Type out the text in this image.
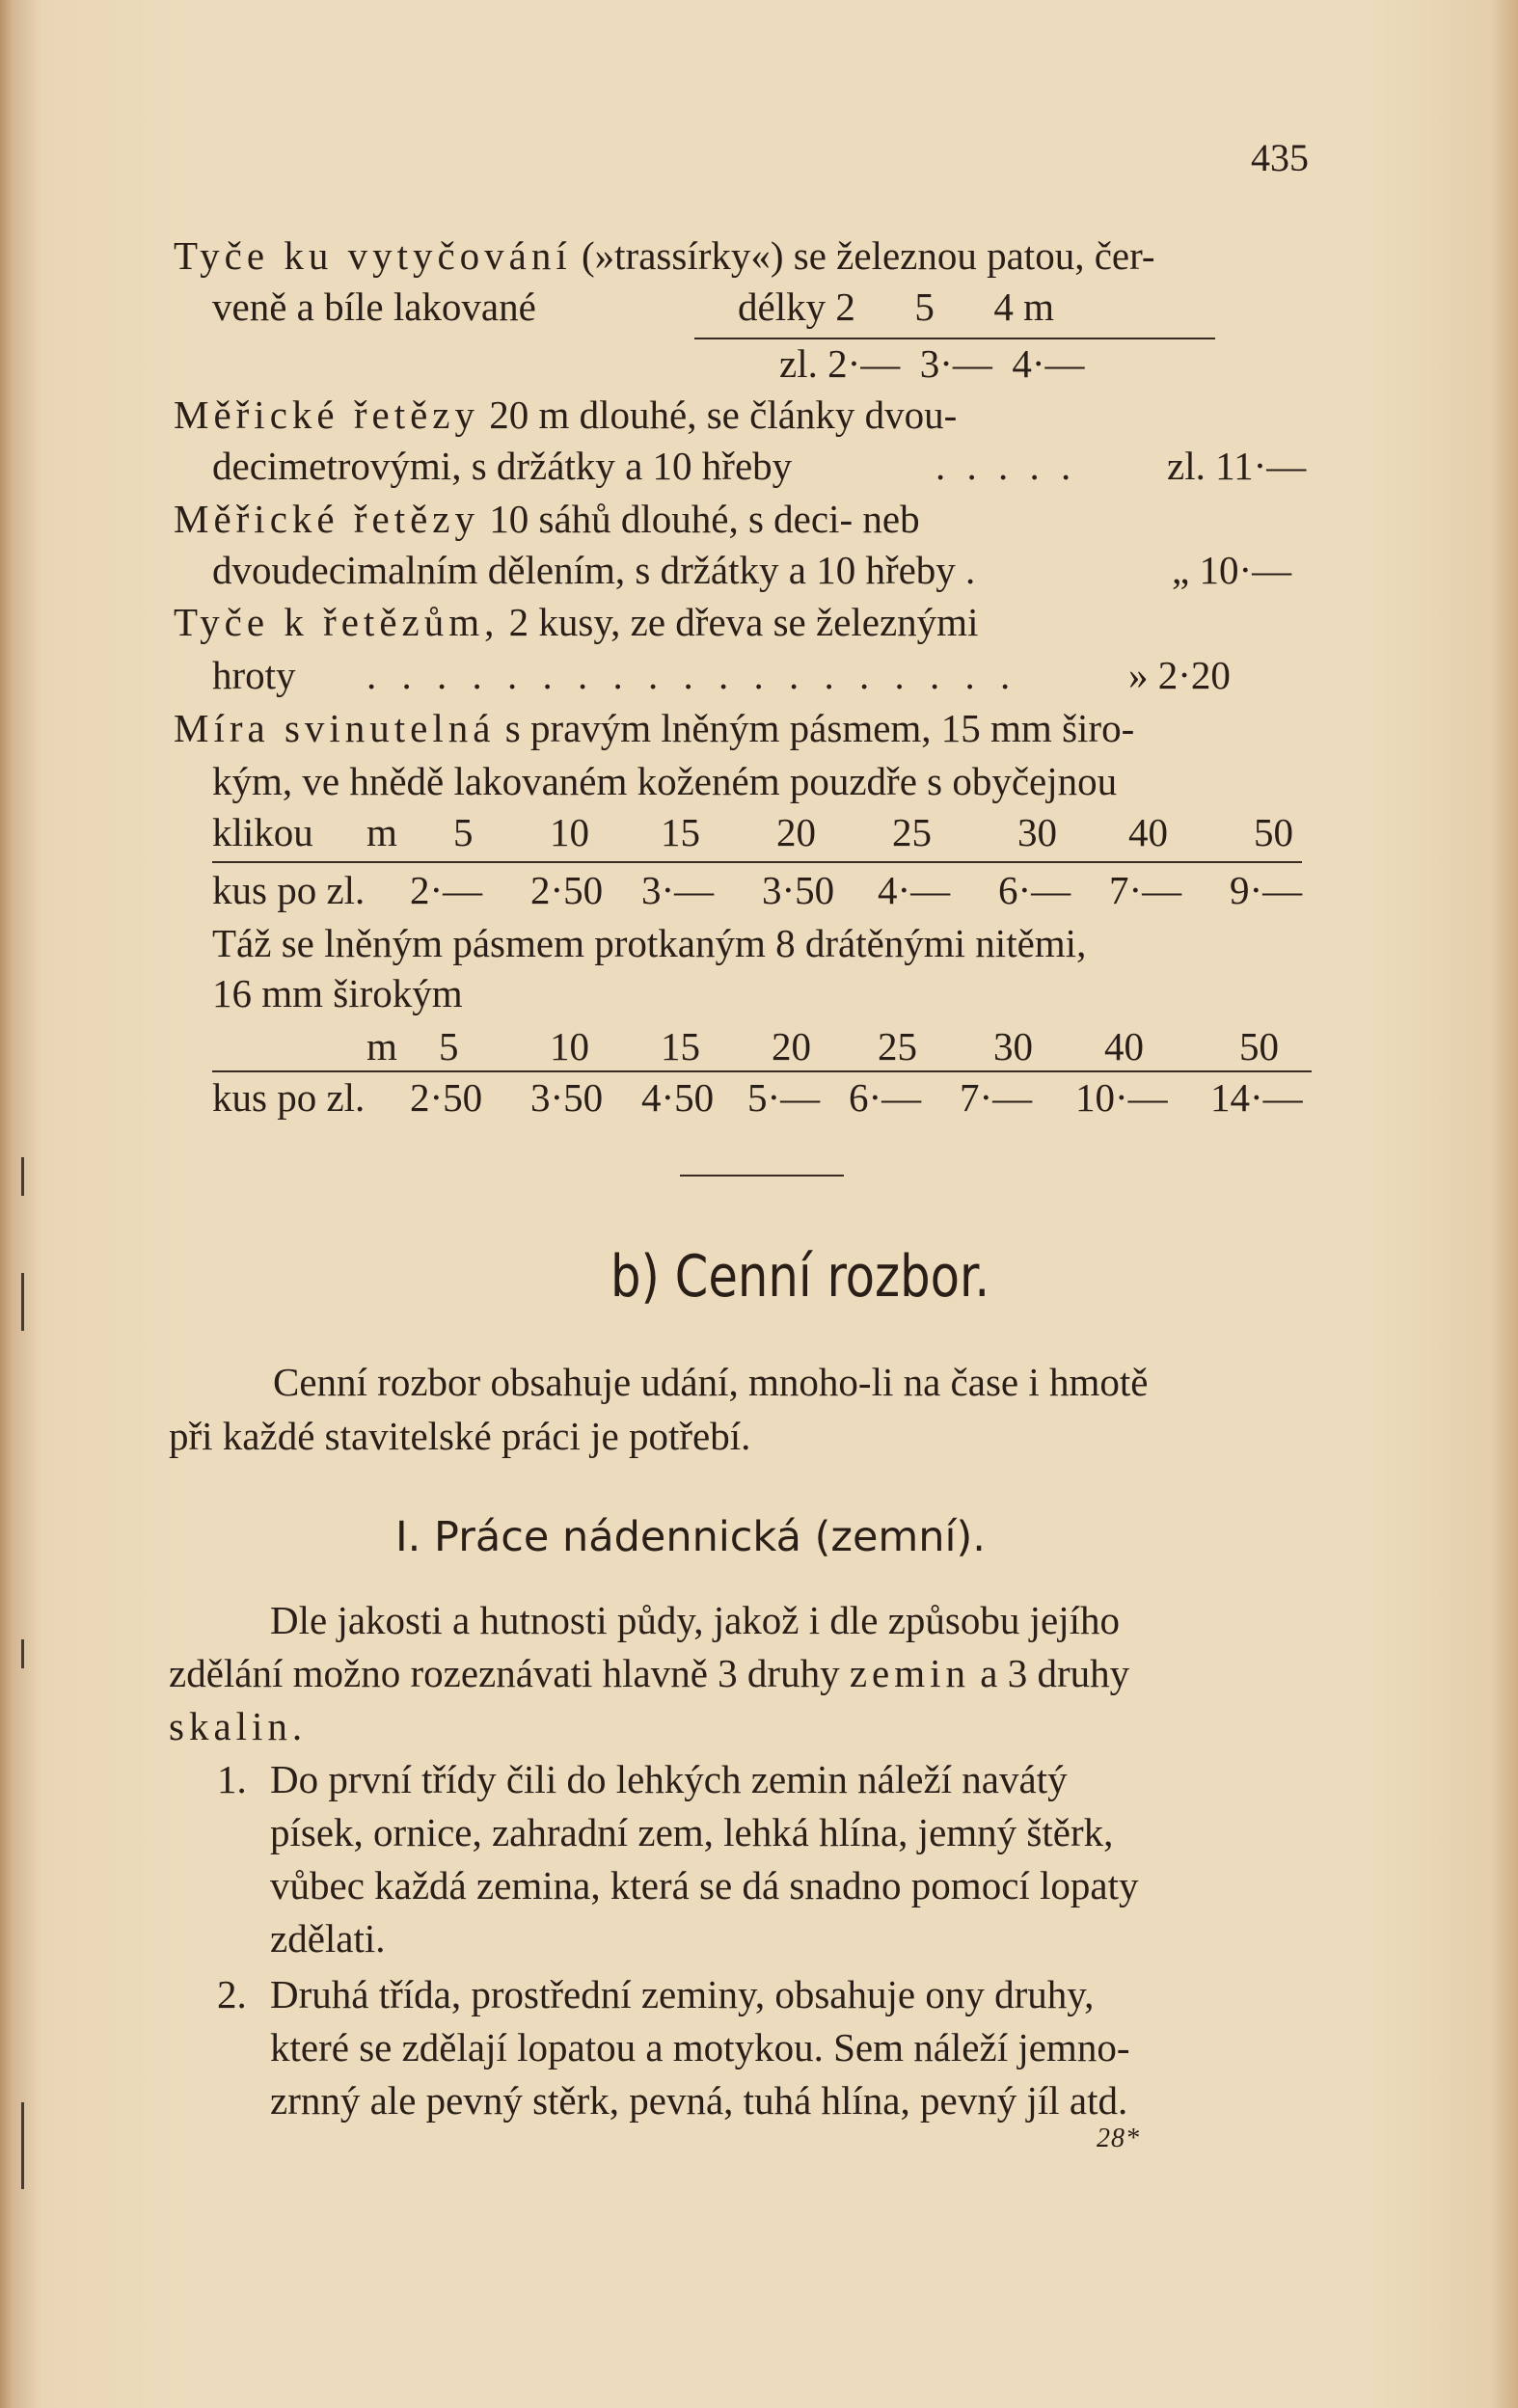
435
Tyče ku vytyčování (»trassírky«) se železnou patou, čer-
veně a bíle lakované	délky 2      5      4 m
zl. 2·—  3·—  4·—
Měřické řetězy 20 m dlouhé, se články dvou-
decimetrovými, s držátky a 10 hřeby	. . . . . zl. 11·—
Měřické řetězy 10 sáhů dlouhé, s deci- neb
dvoudecimalním dělením, s držátky a 10 hřeby .	„ 10·—
Tyče k řetězům, 2 kusy, ze dřeva se železnými
hroty . . . . . . . . . . . . . . . . . . .	» 2·20
Míra svinutelná s pravým lněným pásmem, 15 mm širo-
kým, ve hnědě lakovaném koženém pouzdře s obyčejnou
klikou m 5 10 15 20 25 30 40 50
kus po zl. 2·— 2·50 3·— 3·50 4·— 6·— 7·— 9·—
Táž se lněným pásmem protkaným 8 drátěnými nitěmi,
16 mm širokým
m 5 10 15 20 25 30 40 50
kus po zl. 2·50 3·50 4·50 5·— 6·— 7·— 10·— 14·—
b) Cenní rozbor.
Cenní rozbor obsahuje udání, mnoho-li na čase i hmotě
při každé stavitelské práci je potřebí.
I. Práce nádennická (zemní).
Dle jakosti a hutnosti půdy, jakož i dle způsobu jejího
zdělání možno rozeznávati hlavně 3 druhy zemin a 3 druhy
skalin.
1. Do první třídy čili do lehkých zemin náleží navátý
písek, ornice, zahradní zem, lehká hlína, jemný štěrk,
vůbec každá zemina, která se dá snadno pomocí lopaty
zdělati.
2. Druhá třída, prostřední zeminy, obsahuje ony druhy,
které se zdělají lopatou a motykou. Sem náleží jemno-
zrnný ale pevný stěrk, pevná, tuhá hlína, pevný jíl atd.
28*
